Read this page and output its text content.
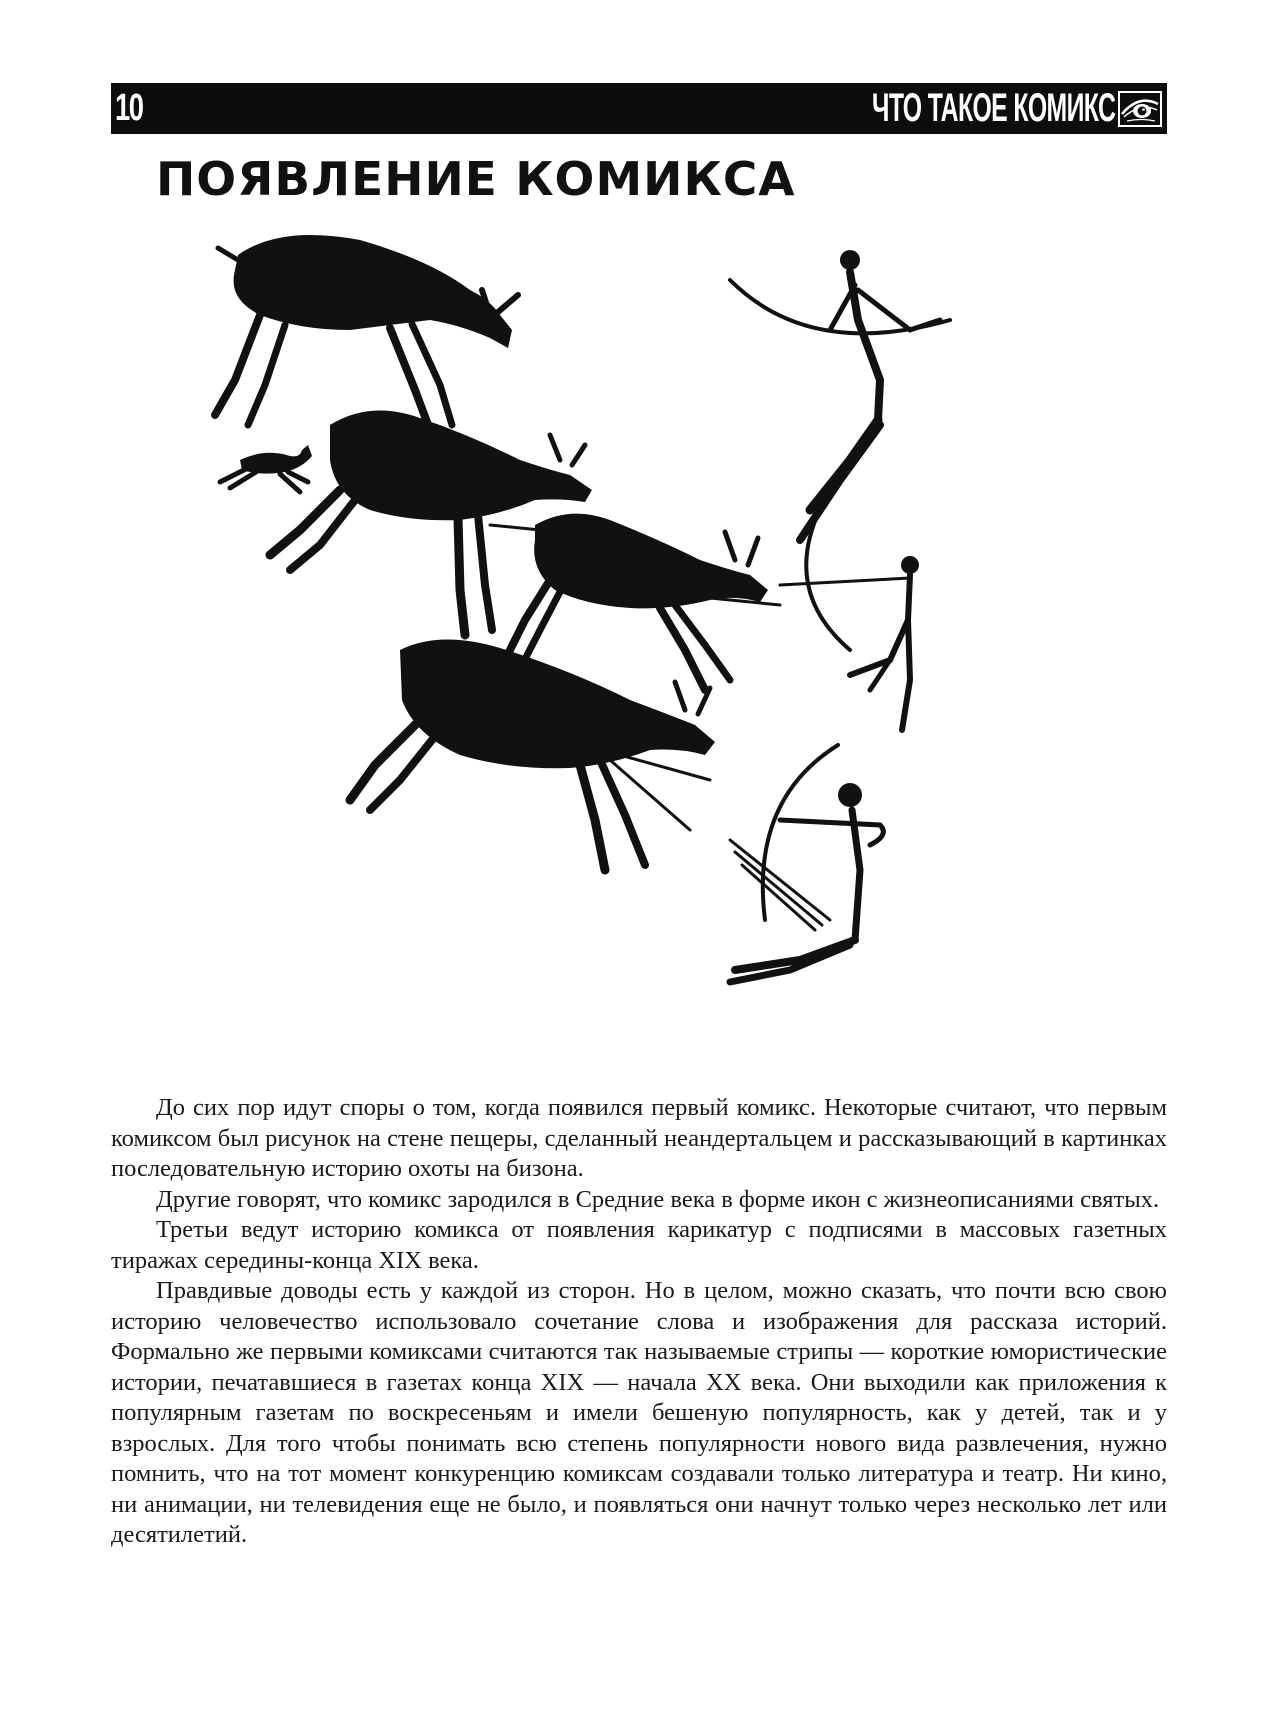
10	ЧТО ТАКОЕ КОМИКС
ПОЯВЛЕНИЕ КОМИКСА

До сих пор идут споры о том, когда появился первый комикс. Некоторые считают, что первым комиксом был рисунок на стене пещеры, сделанный неандертальцем и рассказывающий в картинках последовательную историю охоты на бизона.

Другие говорят, что комикс зародился в Средние века в форме икон с жизнеописаниями святых.

Третьи ведут историю комикса от появления карикатур с подписями в массовых газетных тиражах середины-конца XIX века.

Правдивые доводы есть у каждой из сторон. Но в целом, можно сказать, что почти всю свою историю человечество использовало сочетание слова и изображения для рассказа историй. Формально же первыми комиксами считаются так называемые стрипы — короткие юмористические истории, печатавшиеся в газетах конца XIX — начала XX века. Они выходили как приложения к популярным газетам по воскресеньям и имели бешеную популярность, как у детей, так и у взрослых. Для того чтобы понимать всю степень популярности нового вида развлечения, нужно помнить, что на тот момент конкуренцию комиксам создавали только литература и театр. Ни кино, ни анимации, ни телевидения еще не было, и появляться они начнут только через несколько лет или десятилетий.
